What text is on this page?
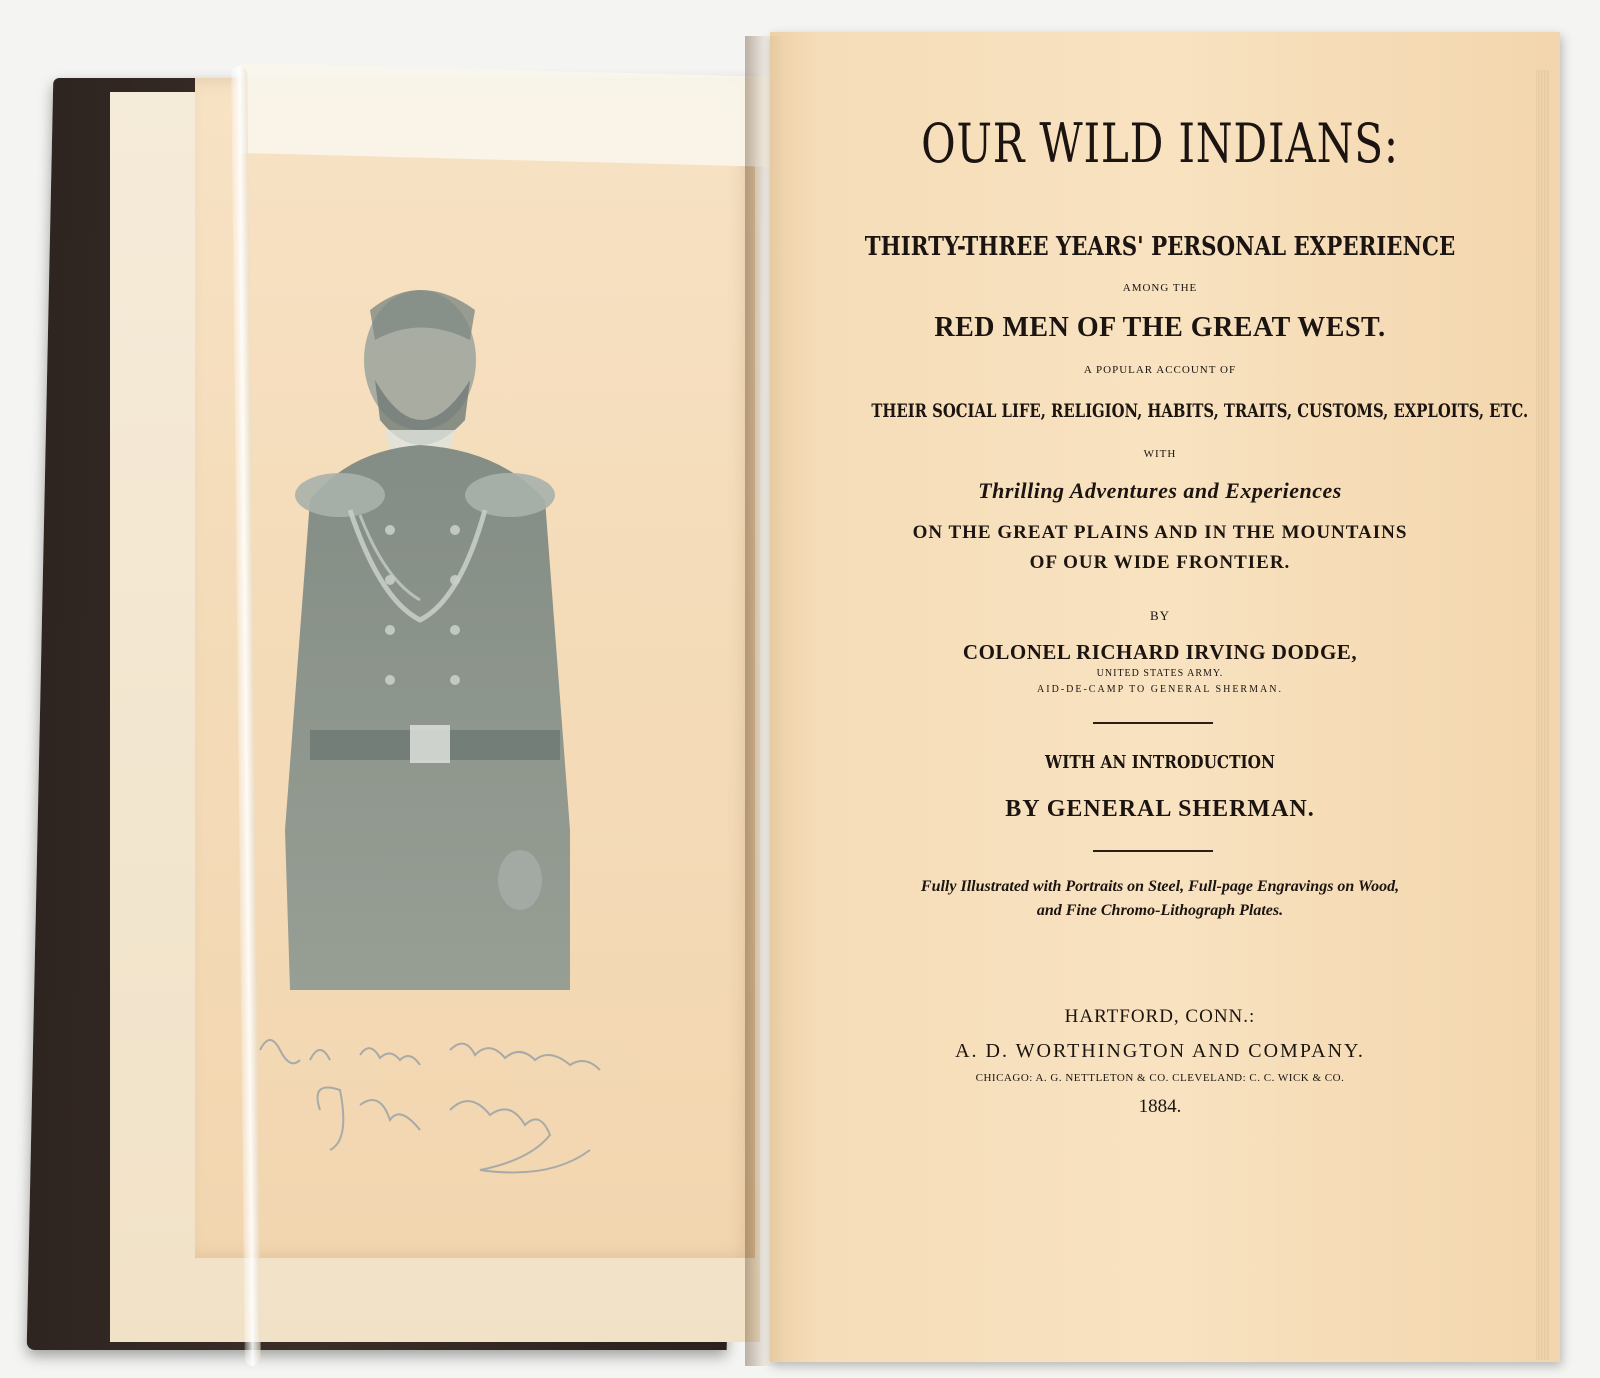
OUR WILD INDIANS:
THIRTY-THREE YEARS' PERSONAL EXPERIENCE
AMONG THE
RED MEN OF THE GREAT WEST.
A POPULAR ACCOUNT OF
THEIR SOCIAL LIFE, RELIGION, HABITS, TRAITS, CUSTOMS, EXPLOITS, ETC.
WITH
Thrilling Adventures and Experiences
ON THE GREAT PLAINS AND IN THE MOUNTAINS
OF OUR WIDE FRONTIER.
BY
COLONEL RICHARD IRVING DODGE,
UNITED STATES ARMY.
AID-DE-CAMP TO GENERAL SHERMAN.
WITH AN INTRODUCTION
BY GENERAL SHERMAN.
Fully Illustrated with Portraits on Steel, Full-page Engravings on Wood,
and Fine Chromo-Lithograph Plates.
HARTFORD, CONN.:
A. D. WORTHINGTON AND COMPANY.
CHICAGO: A. G. NETTLETON & CO. CLEVELAND: C. C. WICK & CO.
1884.
